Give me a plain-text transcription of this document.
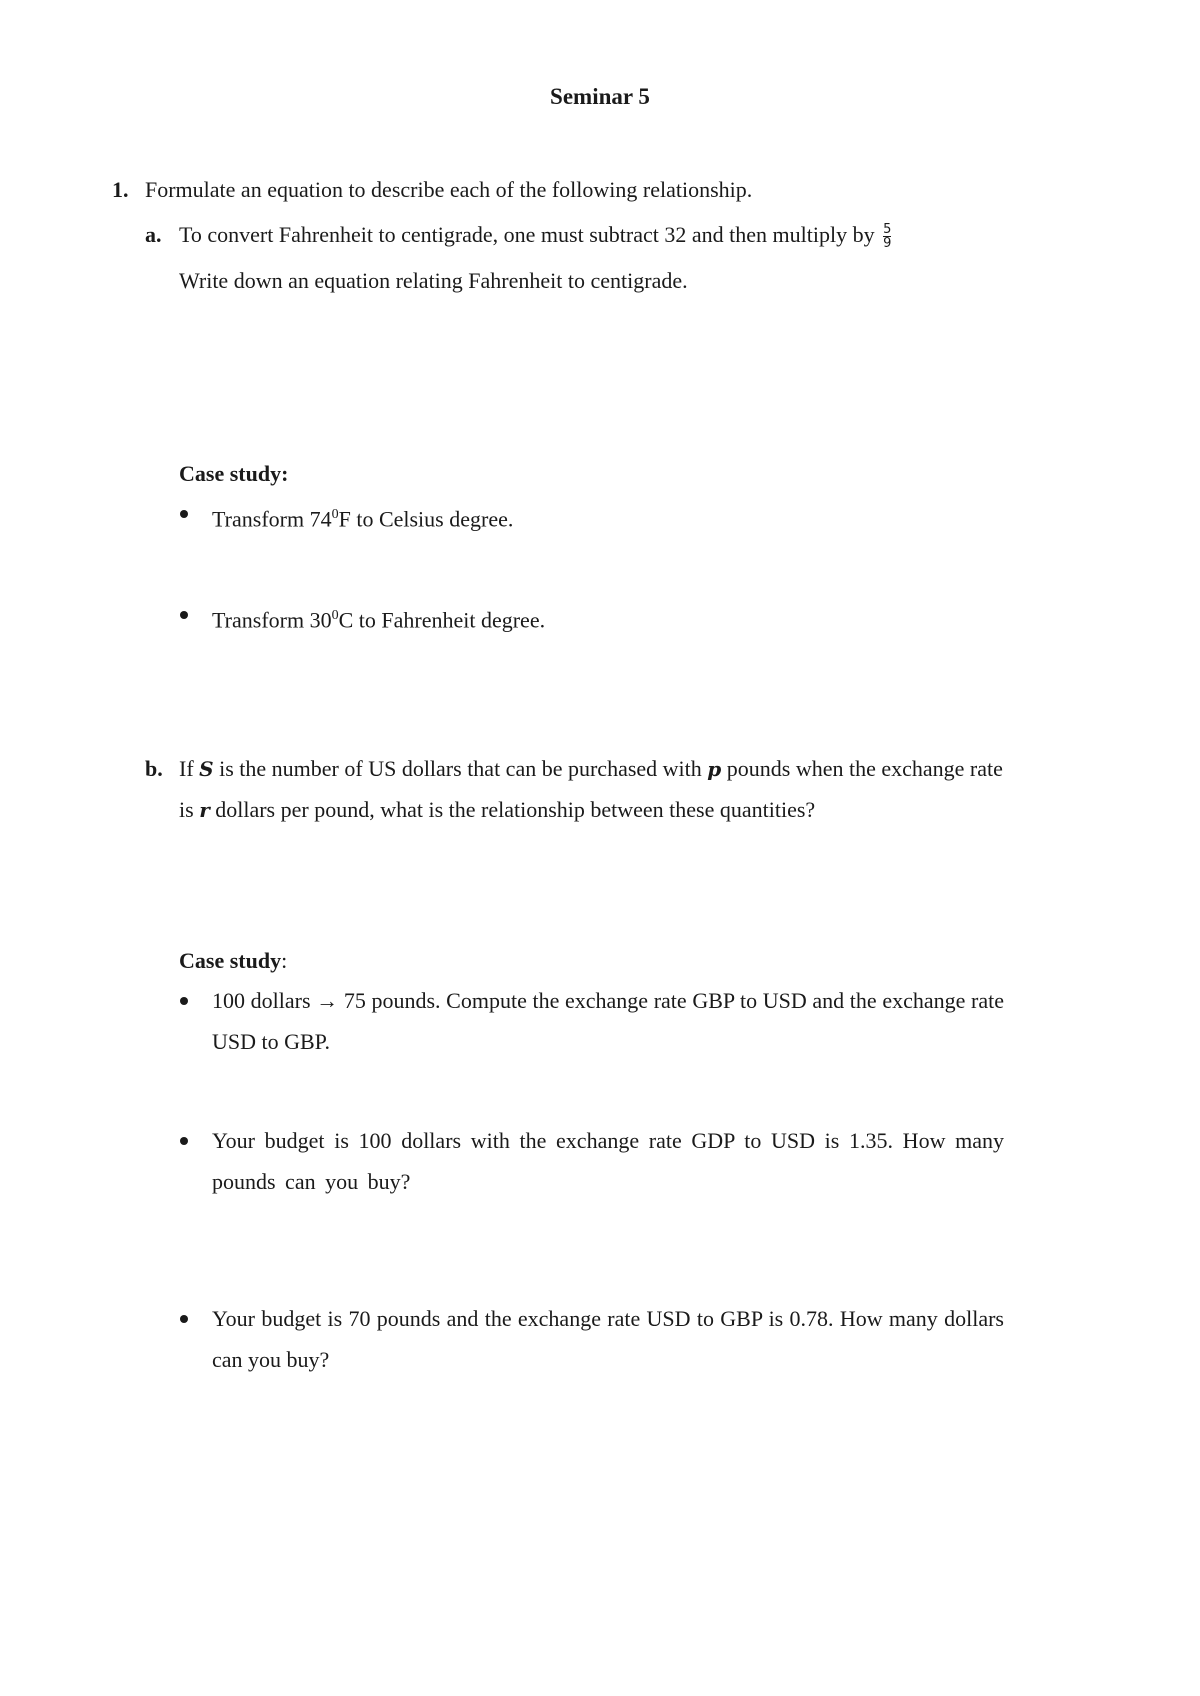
Seminar 5
1. Formulate an equation to describe each of the following relationship.
a. To convert Fahrenheit to centigrade, one must subtract 32 and then multiply by $\frac{5}{9}$
Write down an equation relating Fahrenheit to centigrade.
Case study:
Transform $74^0F$ to Celsius degree.
Transform $30^0C$ to Fahrenheit degree.
b. If S is the number of US dollars that can be purchased with p pounds when the exchange rate
is r dollars per pound, what is the relationship between these quantities?
Case study:
100 dollars → 75 pounds. Compute the exchange rate GBP to USD and the exchange rate USD to GBP.
Your budget is 100 dollars with the exchange rate GDP to USD is 1.35. How many pounds can you buy?
Your budget is 70 pounds and the exchange rate USD to GBP is 0.78. How many dollars can you buy?
